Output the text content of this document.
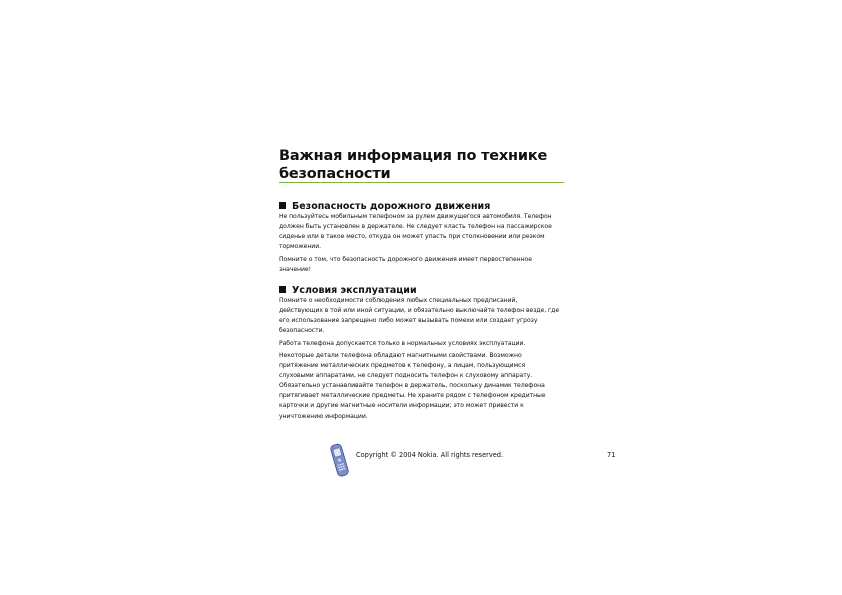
Важная информация по технике
безопасности
Безопасность дорожного движения
Не пользуйтесь мобильным телефоном за рулем движущегося автомобиля. Телефон
должен быть установлен в держателе. Не следует класть телефон на пассажирское
сиденье или в такое место, откуда он может упасть при столкновении или резком
торможении.
Помните о том, что безопасность дорожного движения имеет первостепенное
значение!
Условия эксплуатации
Помните о необходимости соблюдения любых специальных предписаний,
действующих в той или иной ситуации, и обязательно выключайте телефон везде, где
его использование запрещено либо может вызывать помехи или создает угрозу
безопасности.
Работа телефона допускается только в нормальных условиях эксплуатации.
Некоторые детали телефона обладают магнитными свойствами. Возможно
притяжение металлических предметов к телефону, а лицам, пользующимся
слуховыми аппаратами, не следует подносить телефон к слуховому аппарату.
Обязательно устанавливайте телефон в держатель, поскольку динамик телефона
притягивает металлические предметы. Не храните рядом с телефоном кредитные
карточки и другие магнитные носители информации; это может привести к
уничтожению информации.
Copyright © 2004 Nokia. All rights reserved.	71
